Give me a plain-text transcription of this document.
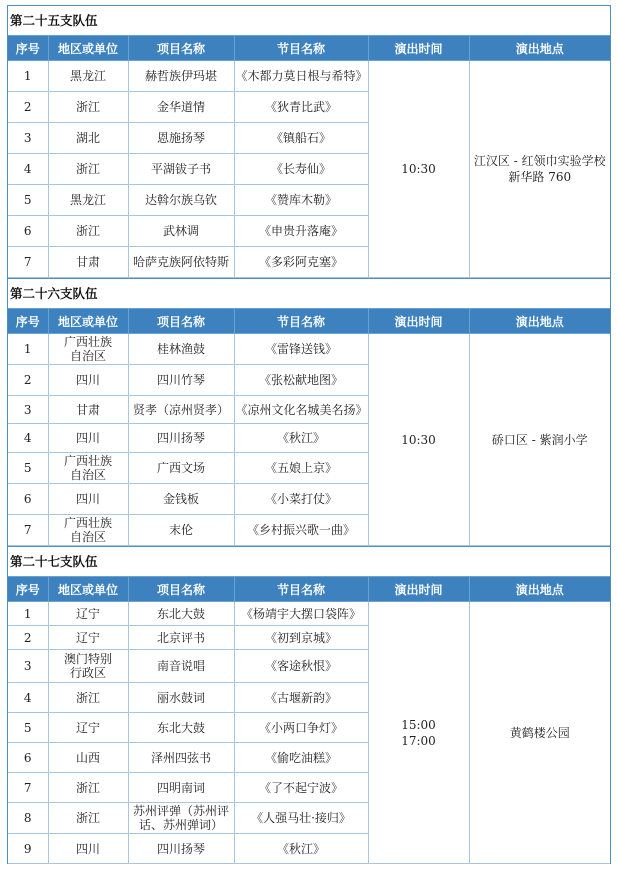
第二十五支队伍
序号	地区或单位	项目名称	节目名称	演出时间	演出地点
1	黑龙江	赫哲族伊玛堪	《木都力莫日根与希特》	10:30	江汉区 - 红领巾实验学校新华路 760
2	浙江	金华道情	《狄青比武》		
3	湖北	恩施扬琴	《镇船石》		
4	浙江	平湖钹子书	《长寿仙》		
5	黑龙江	达斡尔族乌钦	《赞库木勒》		
6	浙江	武林调	《申贵升落庵》		
7	甘肃	哈萨克族阿依特斯	《多彩阿克塞》		
第二十六支队伍
序号	地区或单位	项目名称	节目名称	演出时间	演出地点
1	广西壮族
自治区	桂林渔鼓	《雷锋送钱》	10:30	硚口区 - 紫润小学
2	四川	四川竹琴	《张松献地图》		
3	甘肃	贤孝（凉州贤孝）	《凉州文化名城美名扬》		
4	四川	四川扬琴	《秋江》		
5	广西壮族
自治区	广西文场	《五娘上京》		
6	四川	金钱板	《小菜打仗》		
7	广西壮族
自治区	末伦	《乡村振兴歌一曲》		
第二十七支队伍
序号	地区或单位	项目名称	节目名称	演出时间	演出地点
1	辽宁	东北大鼓	《杨靖宇大摆口袋阵》	15:00
17:00	黄鹤楼公园
2	辽宁	北京评书	《初到京城》		
3	澳门特别
行政区	南音说唱	《客途秋恨》		
4	浙江	丽水鼓词	《古堰新韵》		
5	辽宁	东北大鼓	《小两口争灯》		
6	山西	泽州四弦书	《偷吃油糕》		
7	浙江	四明南词	《了不起宁波》		
8	浙江	苏州评弹（苏州评话、苏州弹词）	《人强马壮·接归》		
9	四川	四川扬琴	《秋江》		
